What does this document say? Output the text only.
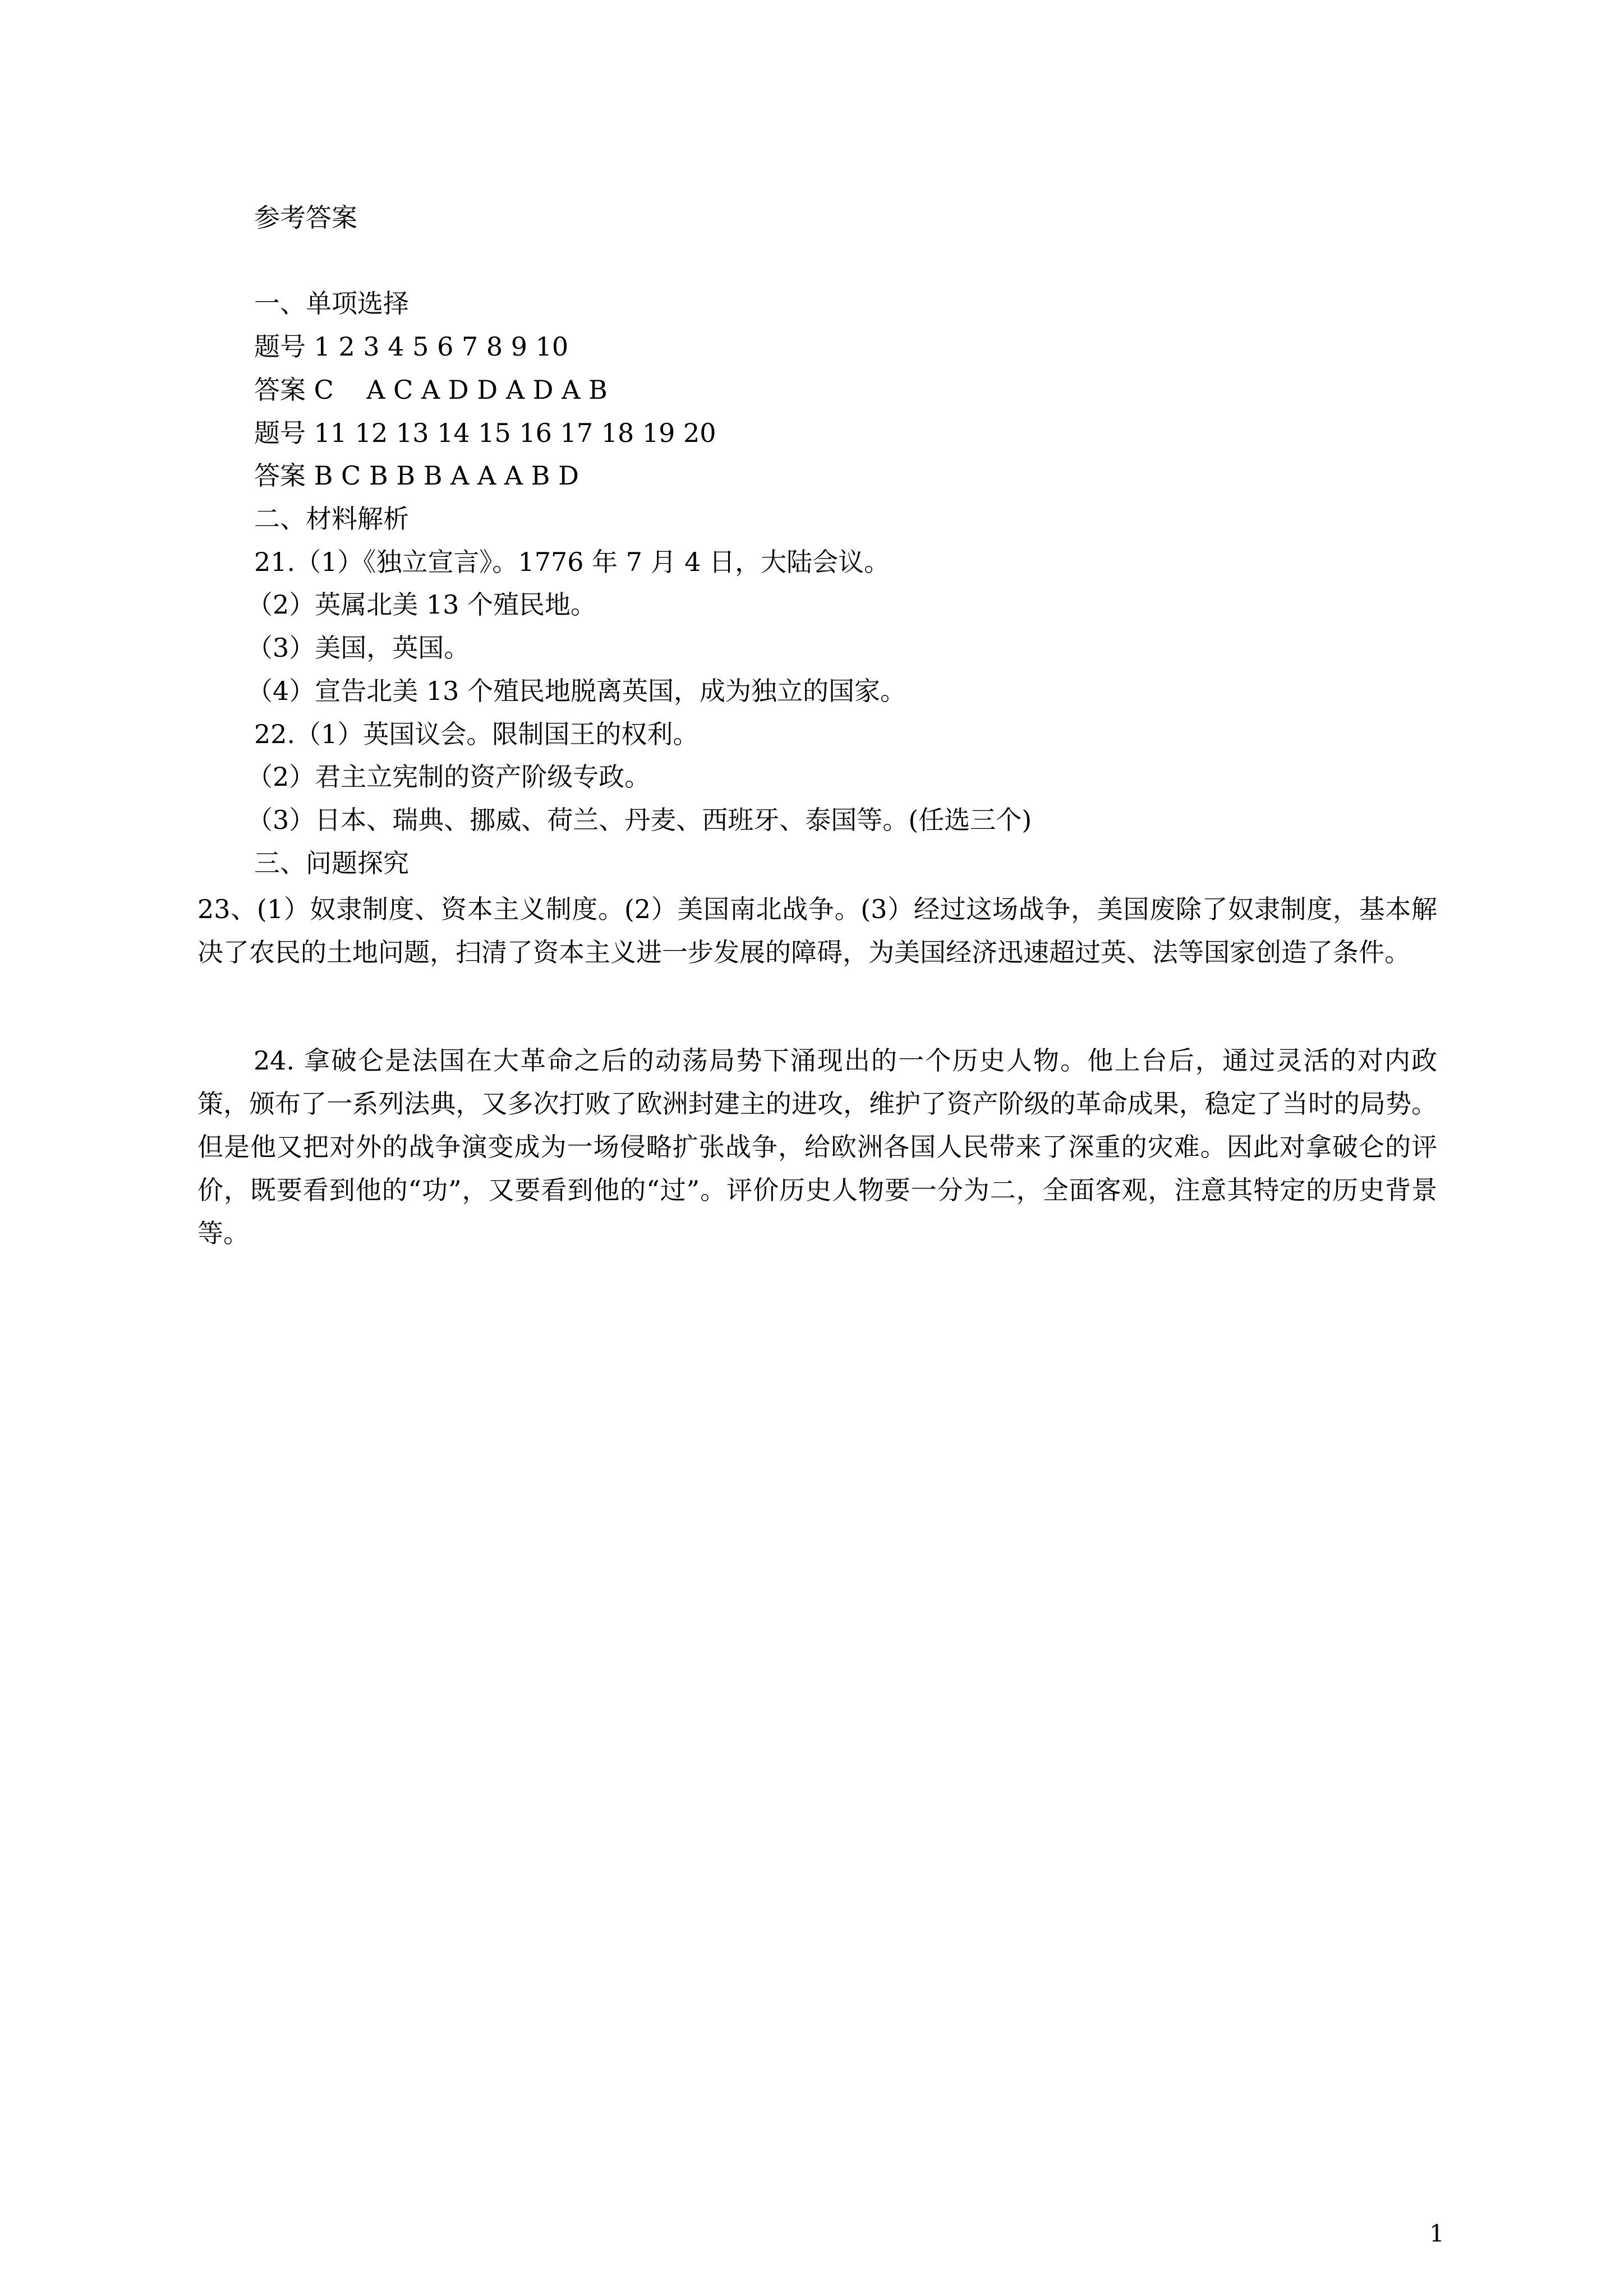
参考答案
一、单项选择
题号 1 2 3 4 5 6 7 8 9 10
答案 C    A C A D D A D A B
题号 11 12 13 14 15 16 17 18 19 20
答案 B C B B B A A A B D
二、材料解析
21.（1）《独立宣言》。1776 年 7 月 4 日，大陆会议。
（2）英属北美 13 个殖民地。
（3）美国，英国。
（4）宣告北美 13 个殖民地脱离英国，成为独立的国家。
22.（1）英国议会。限制国王的权利。
（2）君主立宪制的资产阶级专政。
（3）日本、瑞典、挪威、荷兰、丹麦、西班牙、泰国等。(任选三个)
三、问题探究
23、(1）奴隶制度、资本主义制度。(2）美国南北战争。(3）经过这场战争，美国废除了奴隶制度，基本解决了农民的土地问题，扫清了资本主义进一步发展的障碍，为美国经济迅速超过英、法等国家创造了条件。
24. 拿破仑是法国在大革命之后的动荡局势下涌现出的一个历史人物。他上台后，通过灵活的对内政策，颁布了一系列法典，又多次打败了欧洲封建主的进攻，维护了资产阶级的革命成果，稳定了当时的局势。但是他又把对外的战争演变成为一场侵略扩张战争，给欧洲各国人民带来了深重的灾难。因此对拿破仑的评价，既要看到他的“功”，又要看到他的“过”。评价历史人物要一分为二，全面客观，注意其特定的历史背景等。
1
